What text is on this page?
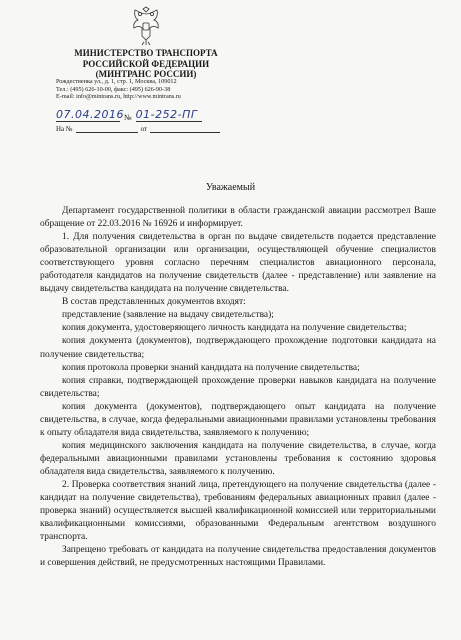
МИНИСТЕРСТВО ТРАНСПОРТА
РОССИЙСКОЙ ФЕДЕРАЦИИ
(МИНТРАНС РОССИИ)
Рождественка ул., д. 1, стр. 1, Москва, 109012
Тел.: (495) 626-10-00, факс: (495) 626-90-38
E-mail: info@mintrans.ru, http://www.mintrans.ru
07.04.2016 № 01-252-ПГ
На №	от
Уважаемый

Департамент государственной политики в области гражданской авиации рассмотрел Ваше обращение от 22.03.2016 № 16926 и информирует.

1. Для получения свидетельства в орган по выдаче свидетельств подается представление образовательной организации или организации, осуществляющей обучение специалистов соответствующего уровня согласно перечням специалистов авиационного персонала, работодателя кандидатов на получение свидетельств (далее - представление) или заявление на выдачу свидетельства кандидата на получение свидетельства.

В состав представленных документов входят:

представление (заявление на выдачу свидетельства);

копия документа, удостоверяющего личность кандидата на получение свидетельства;

копия документа (документов), подтверждающего прохождение подготовки кандидата на получение свидетельства;

копия протокола проверки знаний кандидата на получение свидетельства;

копия справки, подтверждающей прохождение проверки навыков кандидата на получение свидетельства;

копия документа (документов), подтверждающего опыт кандидата на получение свидетельства, в случае, когда федеральными авиационными правилами установлены требования к опыту обладателя вида свидетельства, заявляемого к получению;

копия медицинского заключения кандидата на получение свидетельства, в случае, когда федеральными авиационными правилами установлены требования к состоянию здоровья обладателя вида свидетельства, заявляемого к получению.

2. Проверка соответствия знаний лица, претендующего на получение свидетельства (далее - кандидат на получение свидетельства), требованиям федеральных авиационных правил (далее - проверка знаний) осуществляется высшей квалификационной комиссией или территориальными квалификационными комиссиями, образованными Федеральным агентством воздушного транспорта.

Запрещено требовать от кандидата на получение свидетельства предоставления документов и совершения действий, не предусмотренных настоящими Правилами.
